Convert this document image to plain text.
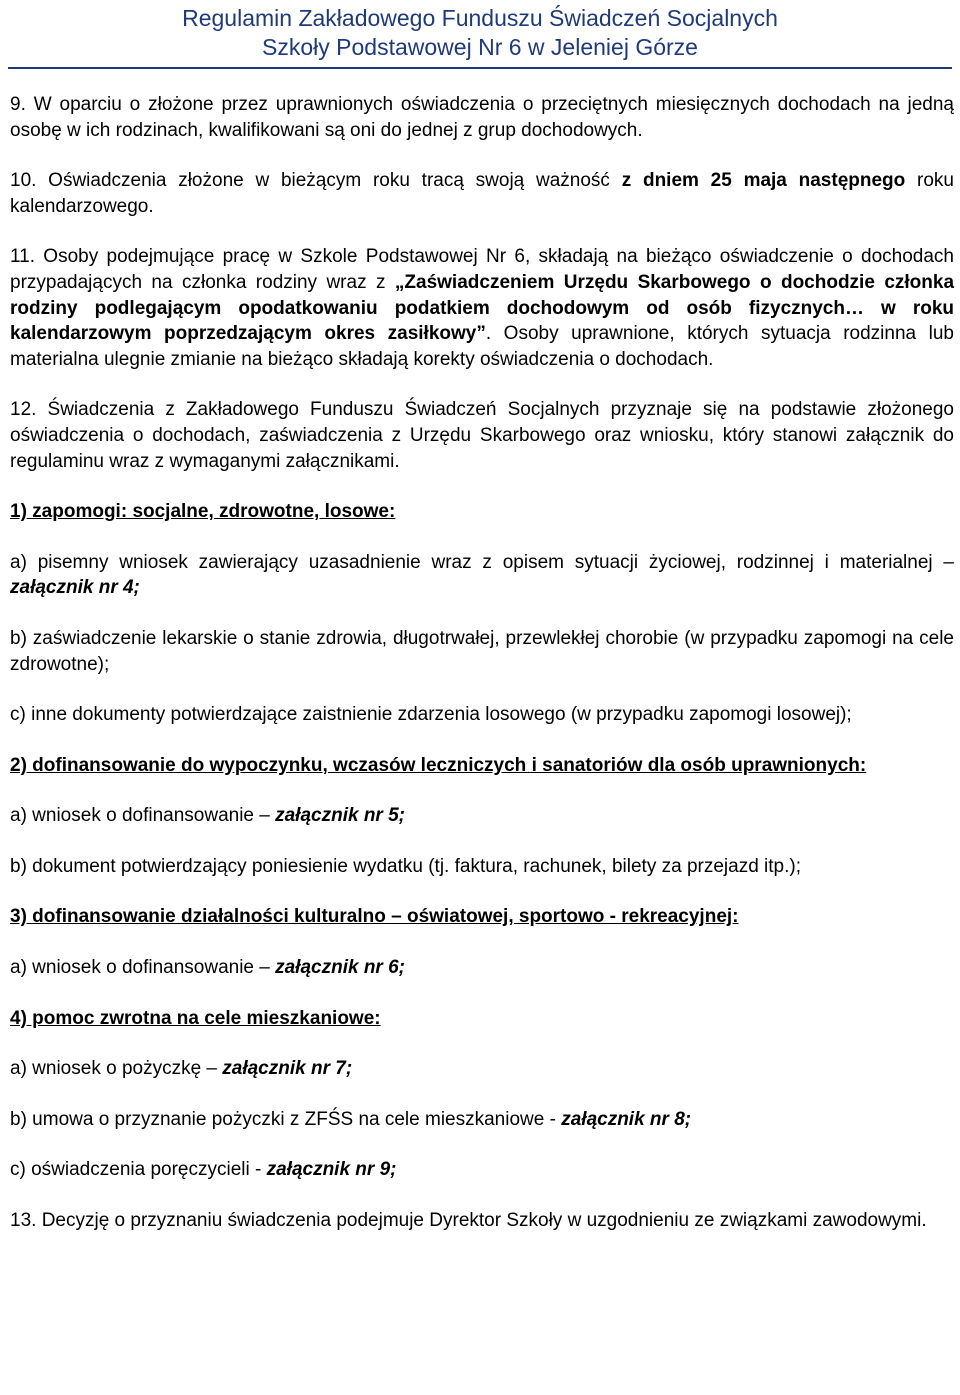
Regulamin Zakładowego Funduszu Świadczeń Socjalnych
Szkoły Podstawowej Nr 6 w Jeleniej Górze

9. W oparciu o złożone przez uprawnionych oświadczenia o przeciętnych miesięcznych dochodach na jedną osobę w ich rodzinach, kwalifikowani są oni do jednej z grup dochodowych.

10. Oświadczenia złożone w bieżącym roku tracą swoją ważność z dniem 25 maja następnego roku kalendarzowego.

11. Osoby podejmujące pracę w Szkole Podstawowej Nr 6, składają na bieżąco oświadczenie o dochodach przypadających na członka rodziny wraz z „Zaświadczeniem Urzędu Skarbowego o dochodzie członka rodziny podlegającym opodatkowaniu podatkiem dochodowym od osób fizycznych… w roku kalendarzowym poprzedzającym okres zasiłkowy”. Osoby uprawnione, których sytuacja rodzinna lub materialna ulegnie zmianie na bieżąco składają korekty oświadczenia o dochodach.

12. Świadczenia z Zakładowego Funduszu Świadczeń Socjalnych przyznaje się na podstawie złożonego oświadczenia o dochodach, zaświadczenia z Urzędu Skarbowego oraz wniosku, który stanowi załącznik do regulaminu wraz z wymaganymi załącznikami.

1) zapomogi: socjalne, zdrowotne, losowe:

a) pisemny wniosek zawierający uzasadnienie wraz z opisem sytuacji życiowej, rodzinnej i materialnej – załącznik nr 4;

b) zaświadczenie lekarskie o stanie zdrowia, długotrwałej, przewlekłej chorobie (w przypadku zapomogi na cele zdrowotne);

c) inne dokumenty potwierdzające zaistnienie zdarzenia losowego (w przypadku zapomogi losowej);

2) dofinansowanie do wypoczynku, wczasów leczniczych i sanatoriów dla osób uprawnionych:

a) wniosek o dofinansowanie – załącznik nr 5;

b) dokument potwierdzający poniesienie wydatku (tj. faktura, rachunek, bilety za przejazd itp.);

3) dofinansowanie działalności kulturalno – oświatowej, sportowo - rekreacyjnej:

a) wniosek o dofinansowanie – załącznik nr 6;

4) pomoc zwrotna na cele mieszkaniowe:

a) wniosek o pożyczkę – załącznik nr 7;

b) umowa o przyznanie pożyczki z ZFŚS na cele mieszkaniowe - załącznik nr 8;

c) oświadczenia poręczycieli - załącznik nr 9;

13. Decyzję o przyznaniu świadczenia podejmuje Dyrektor Szkoły w uzgodnieniu ze związkami zawodowymi.
